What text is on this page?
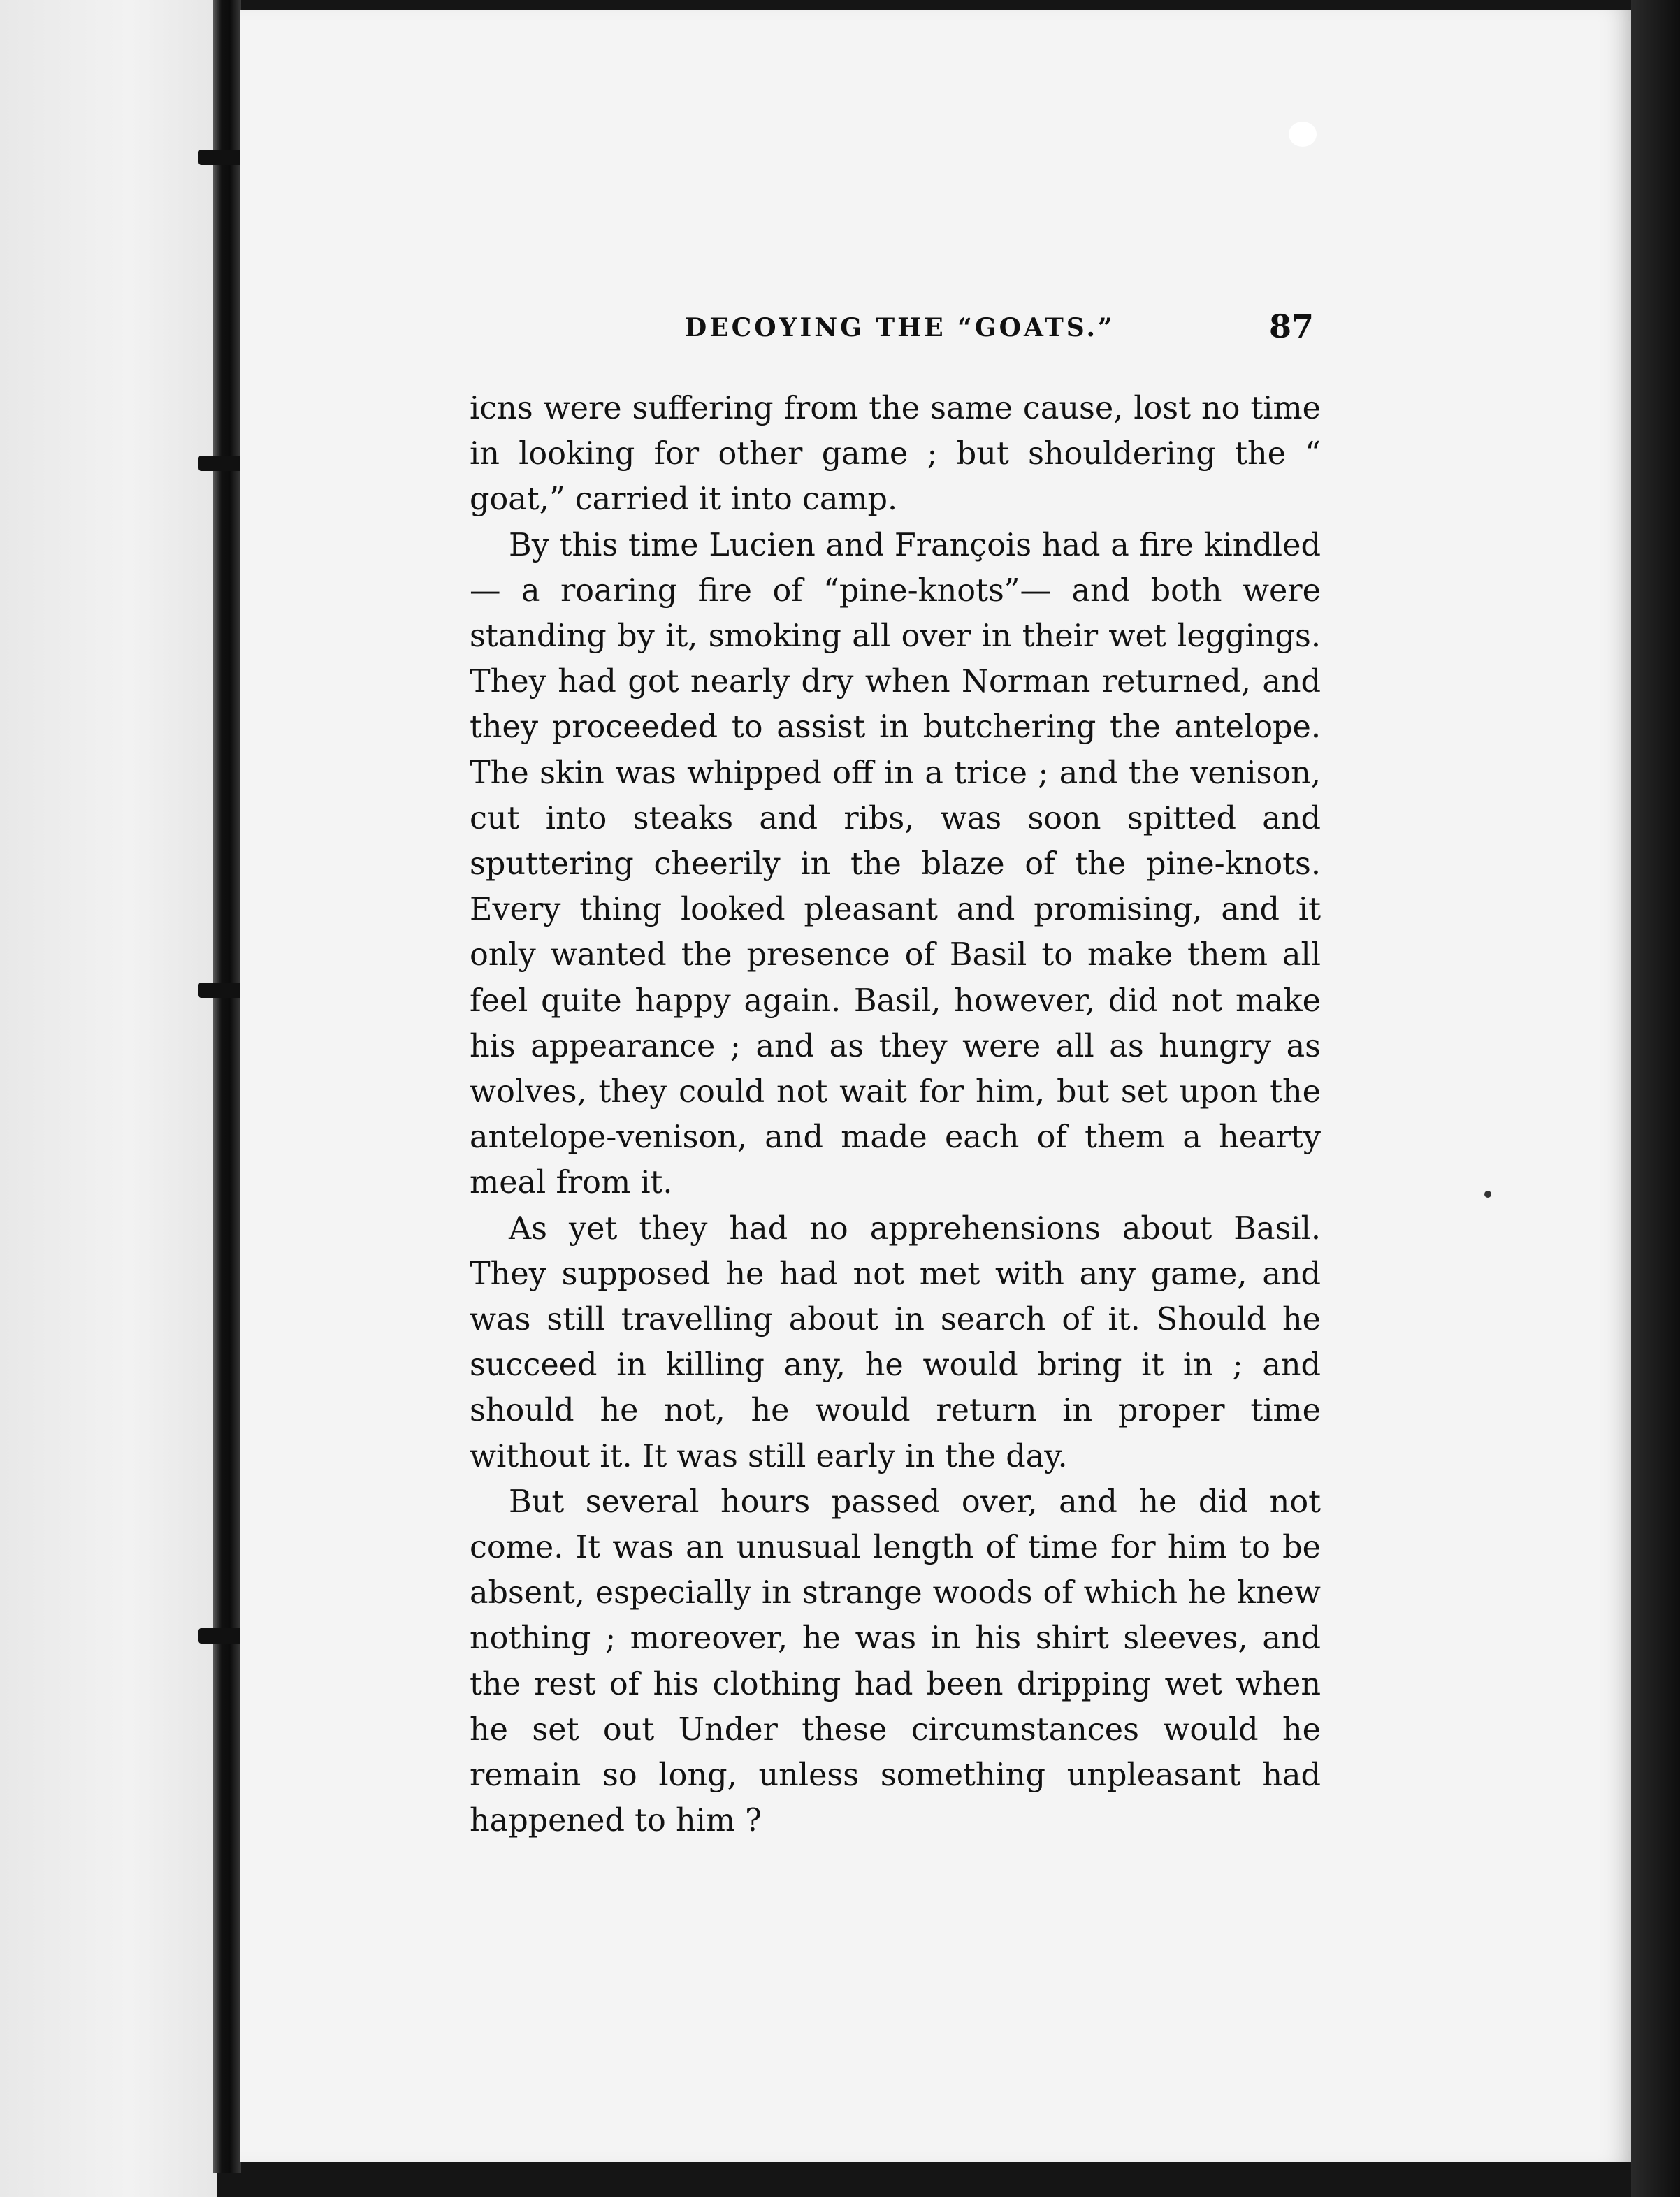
DECOYING THE “GOATS.”	87

icns were suffering from the same cause, lost no time in looking for other game ; but shouldering the “ goat,” carried it into camp.

By this time Lucien and François had a fire kindled — a roaring fire of “pine-knots”— and both were standing by it, smoking all over in their wet leggings. They had got nearly dry when Norman returned, and they proceeded to assist in butchering the antelope. The skin was whipped off in a trice ; and the venison, cut into steaks and ribs, was soon spitted and sputtering cheerily in the blaze of the pine-knots. Every thing looked pleasant and promising, and it only wanted the presence of Basil to make them all feel quite happy again. Basil, however, did not make his appearance ; and as they were all as hungry as wolves, they could not wait for him, but set upon the antelope-venison, and made each of them a hearty meal from it.

As yet they had no apprehensions about Basil. They supposed he had not met with any game, and was still travelling about in search of it. Should he succeed in killing any, he would bring it in ; and should he not, he would return in proper time without it. It was still early in the day.

But several hours passed over, and he did not come. It was an unusual length of time for him to be absent, especially in strange woods of which he knew nothing ; moreover, he was in his shirt sleeves, and the rest of his clothing had been dripping wet when he set out Under these circumstances would he remain so long, unless something unpleasant had happened to him ?
